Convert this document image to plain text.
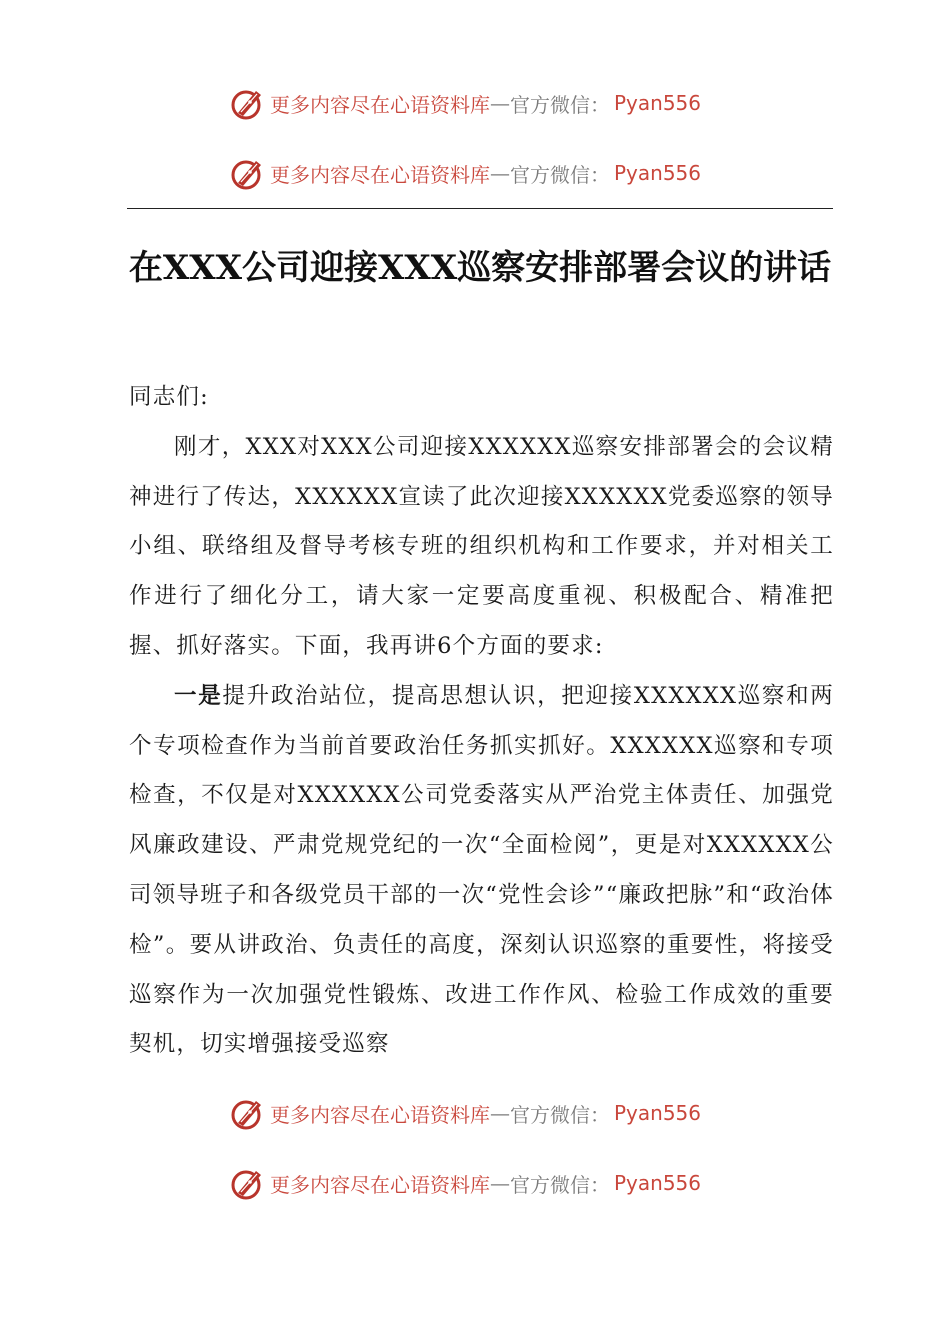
更多内容尽在心语资料库 — 官方微信： Pyan556
更多内容尽在心语资料库 — 官方微信： Pyan556
在XXX公司迎接XXX巡察安排部署会议的讲话

同志们:

刚才，XXX对XXX公司迎接XXXXXX巡察安排部署会的会议精神进行了传达，XXXXXX宣读了此次迎接XXXXXX党委巡察的领导小组、联络组及督导考核专班的组织机构和工作要求，并对相关工作进行了细化分工，请大家一定要高度重视、积极配合、精准把握、抓好落实。下面，我再讲6个方面的要求:

一是提升政治站位，提高思想认识，把迎接XXXXXX巡察和两个专项检查作为当前首要政治任务抓实抓好。XXXXXX巡察和专项检查，不仅是对XXXXXX公司党委落实从严治党主体责任、加强党风廉政建设、严肃党规党纪的一次“全面检阅”，更是对XXXXXX公司领导班子和各级党员干部的一次“党性会诊”“廉政把脉”和“政治体检”。要从讲政治、负责任的高度，深刻认识巡察的重要性，将接受巡察作为一次加强党性锻炼、改进工作作风、检验工作成效的重要契机，切实增强接受巡察

更多内容尽在心语资料库 — 官方微信： Pyan556
更多内容尽在心语资料库 — 官方微信： Pyan556
